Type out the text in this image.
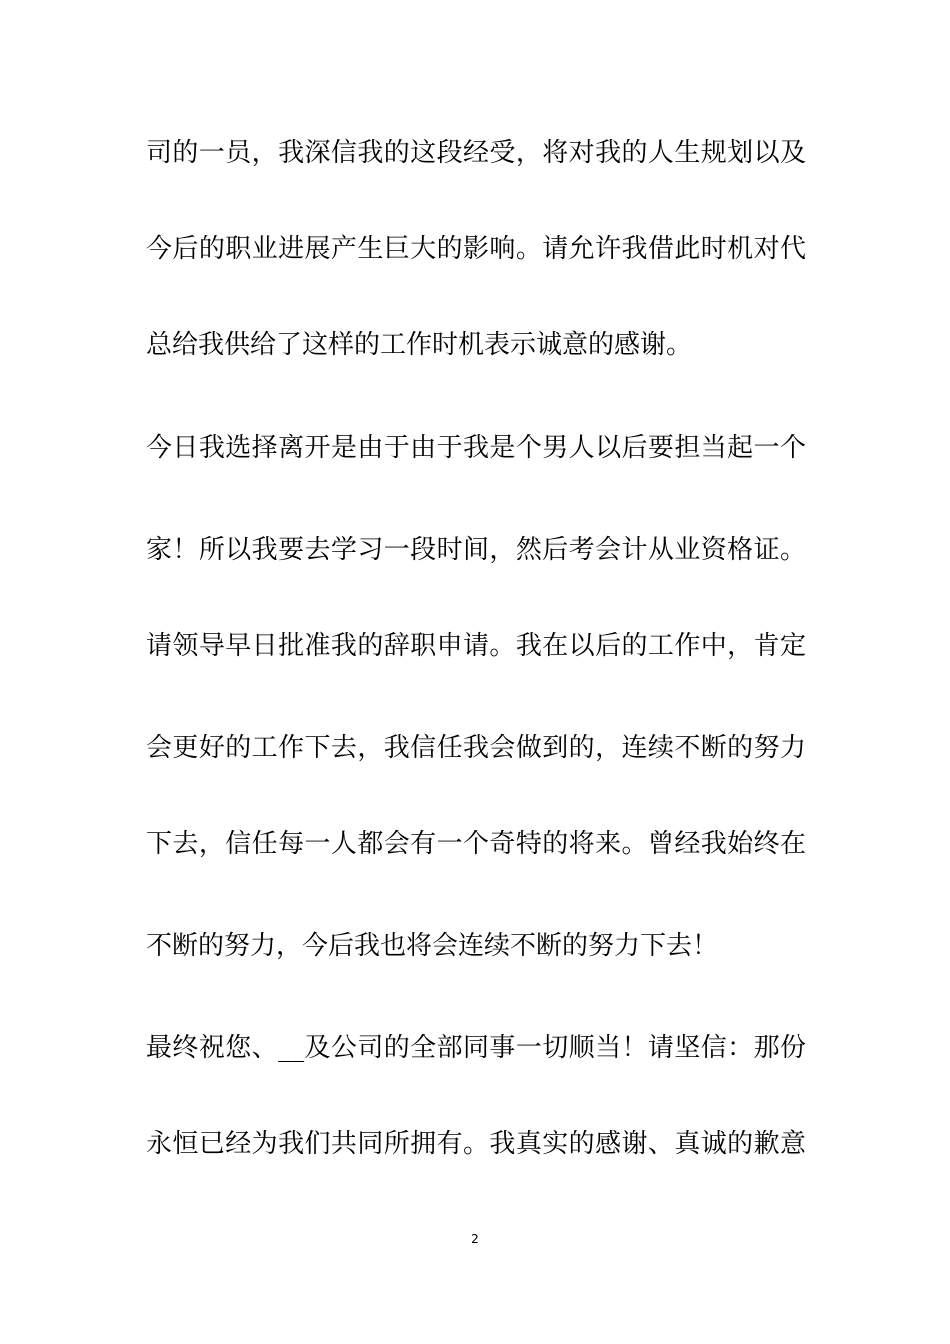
司的一员，我深信我的这段经受，将对我的人生规划以及
今后的职业进展产生巨大的影响。请允许我借此时机对代
总给我供给了这样的工作时机表示诚意的感谢。
今日我选择离开是由于由于我是个男人以后要担当起一个
家！所以我要去学习一段时间，然后考会计从业资格证。
请领导早日批准我的辞职申请。我在以后的工作中，肯定
会更好的工作下去，我信任我会做到的，连续不断的努力
下去，信任每一人都会有一个奇特的将来。曾经我始终在
不断的努力，今后我也将会连续不断的努力下去！
最终祝您、__及公司的全部同事一切顺当！请坚信：那份
永恒已经为我们共同所拥有。我真实的感谢、真诚的歉意
2
